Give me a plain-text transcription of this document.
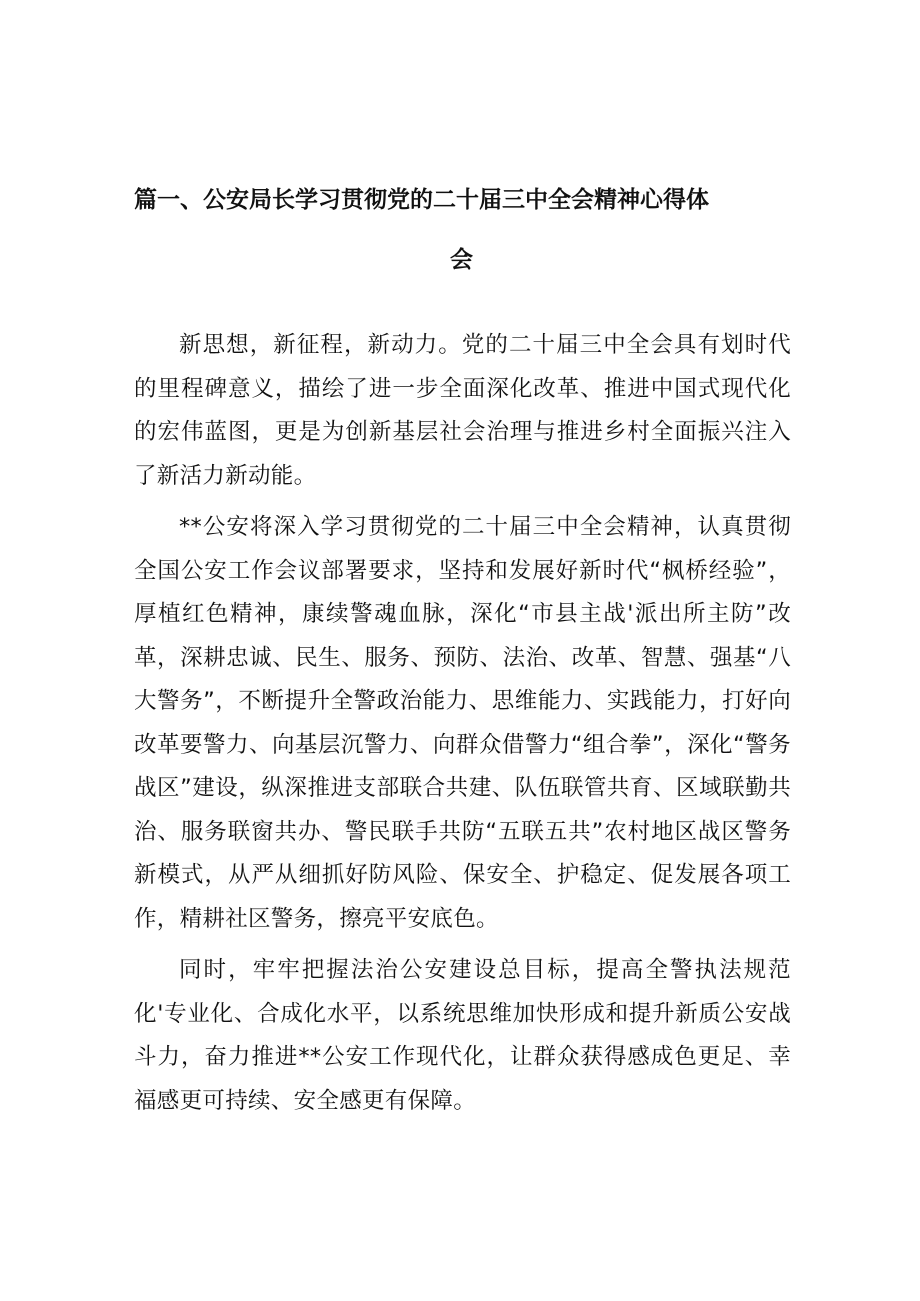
篇一、公安局长学习贯彻党的二十届三中全会精神心得体
会

新思想，新征程，新动力。党的二十届三中全会具有划时代的里程碑意义，描绘了进一步全面深化改革、推进中国式现代化的宏伟蓝图，更是为创新基层社会治理与推进乡村全面振兴注入了新活力新动能。

**公安将深入学习贯彻党的二十届三中全会精神，认真贯彻全国公安工作会议部署要求，坚持和发展好新时代“枫桥经验”，厚植红色精神，康续警魂血脉，深化“市县主战'派出所主防”改革，深耕忠诚、民生、服务、预防、法治、改革、智慧、强基“八大警务”，不断提升全警政治能力、思维能力、实践能力，打好向改革要警力、向基层沉警力、向群众借警力“组合拳”，深化“警务战区”建设，纵深推进支部联合共建、队伍联管共育、区域联勤共治、服务联窗共办、警民联手共防“五联五共”农村地区战区警务新模式，从严从细抓好防风险、保安全、护稳定、促发展各项工作，精耕社区警务，擦亮平安底色。

同时，牢牢把握法治公安建设总目标，提高全警执法规范化'专业化、合成化水平，以系统思维加快形成和提升新质公安战斗力，奋力推进**公安工作现代化，让群众获得感成色更足、幸福感更可持续、安全感更有保障。
